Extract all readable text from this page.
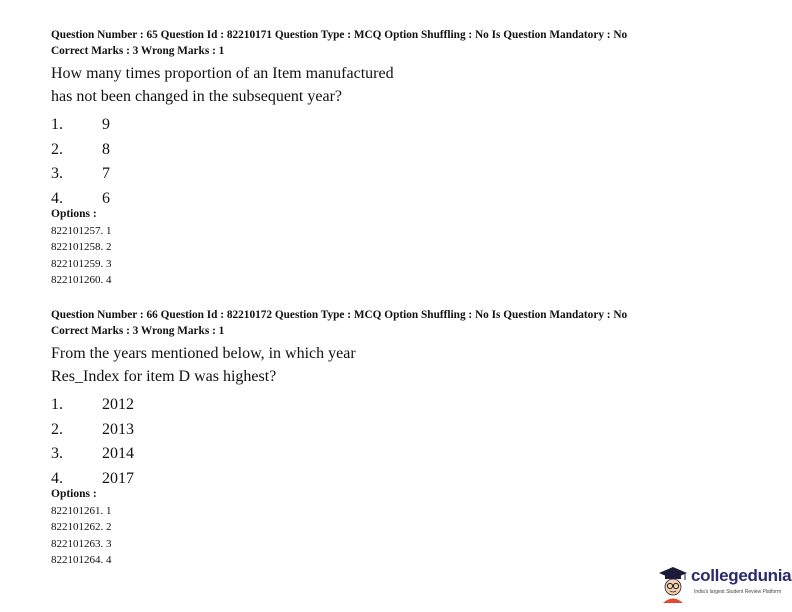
Question Number : 65 Question Id : 82210171 Question Type : MCQ Option Shuffling : No Is Question Mandatory : No

Correct Marks : 3 Wrong Marks : 1

How many times proportion of an Item manufactured
has not been changed in the subsequent year?
1. 9
2. 8
3. 7
4. 6
Options :
822101257. 1
822101258. 2
822101259. 3
822101260. 4

Question Number : 66 Question Id : 82210172 Question Type : MCQ Option Shuffling : No Is Question Mandatory : No

Correct Marks : 3 Wrong Marks : 1

From the years mentioned below, in which year
Res_Index for item D was highest?
1. 2012
2. 2013
3. 2014
4. 2017
Options :
822101261. 1
822101262. 2
822101263. 3
822101264. 4
collegedunia
India's largest Student Review Platform
